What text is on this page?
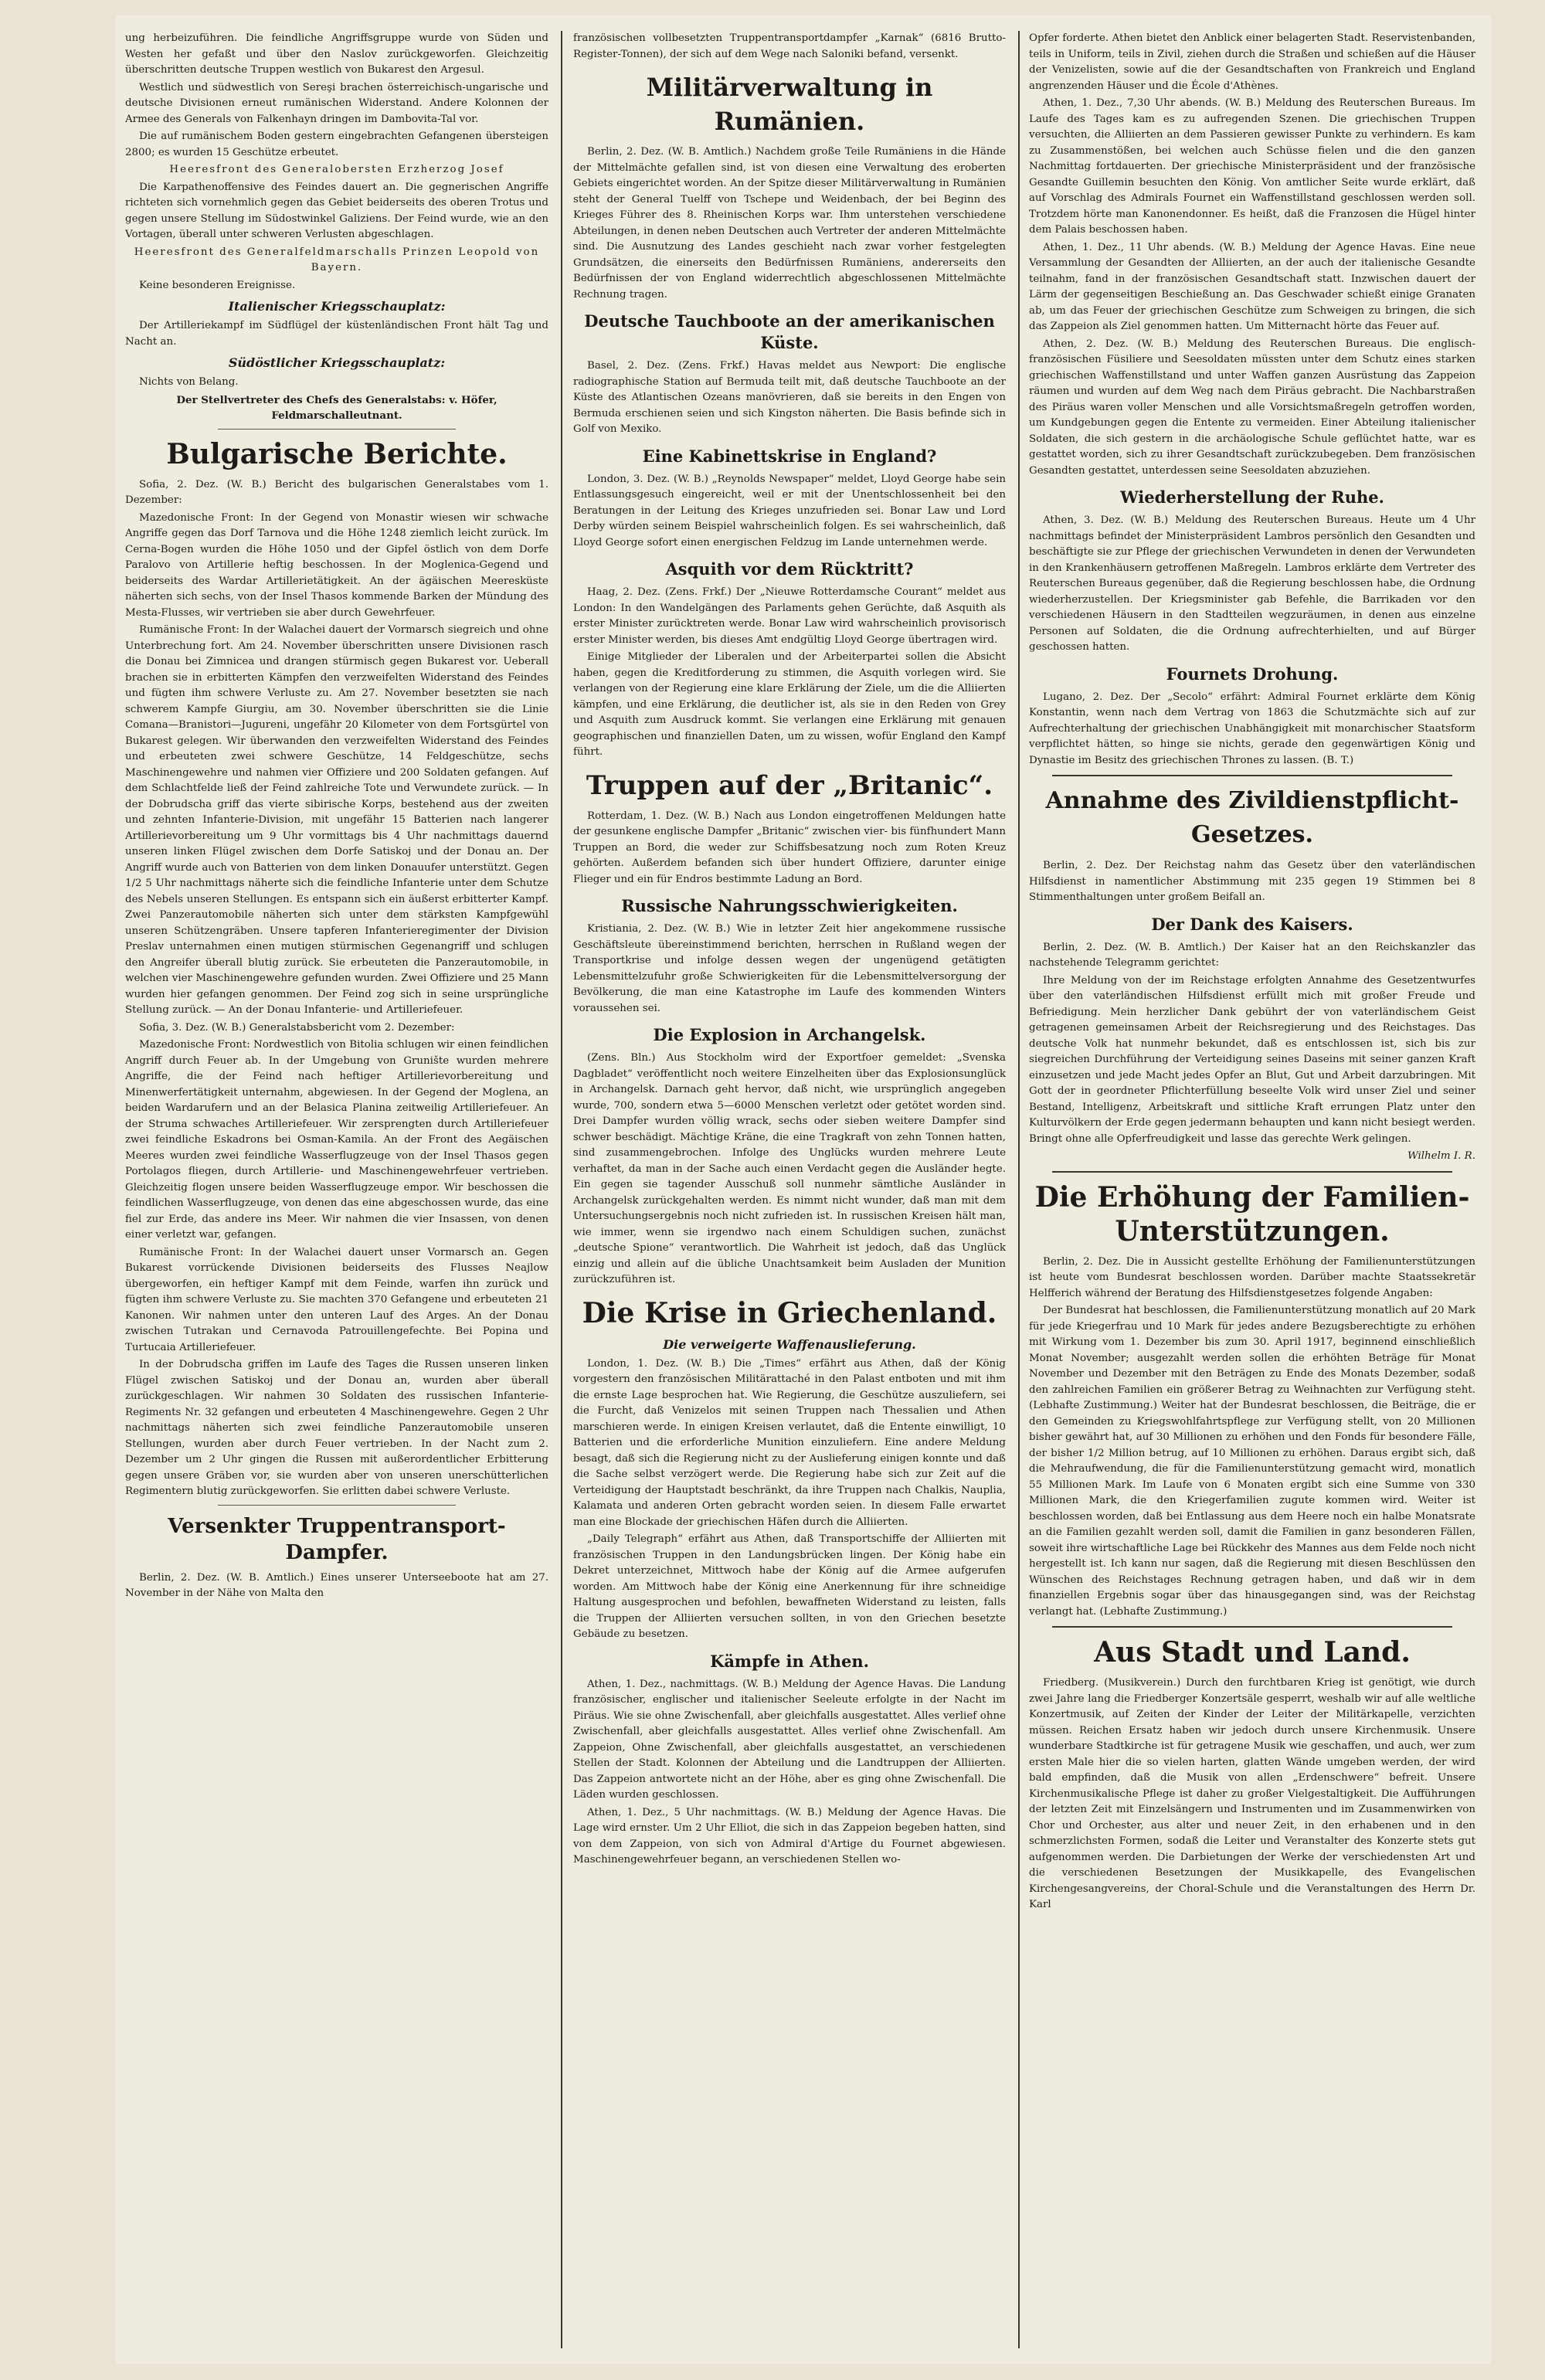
ung herbeizuführen. Die feindliche Angriffsgruppe wurde von Süden und Westen her gefaßt und über den Naslov zurückgeworfen. Gleichzeitig überschritten deutsche Truppen westlich von Bukarest den Argesul.

Westlich und südwestlich von Sereşi brachen österreichisch-ungarische und deutsche Divisionen erneut rumänischen Widerstand. Andere Kolonnen der Armee des Generals von Falkenhayn dringen im Dambovita-Tal vor.

Die auf rumänischem Boden gestern eingebrachten Gefangenen übersteigen 2800; es wurden 15 Geschütze erbeutet.

Heeresfront des Generalobersten Erzherzog Josef

Die Karpathenoffensive des Feindes dauert an. Die gegnerischen Angriffe richteten sich vornehmlich gegen das Gebiet beiderseits des oberen Trotus und gegen unsere Stellung im Südostwinkel Galiziens. Der Feind wurde, wie an den Vortagen, überall unter schweren Verlusten abgeschlagen.

Heeresfront des Generalfeldmarschalls Prinzen Leopold von Bayern.

Keine besonderen Ereignisse.

Italienischer Kriegsschauplatz:

Der Artilleriekampf im Südflügel der küstenländischen Front hält Tag und Nacht an.

Südöstlicher Kriegsschauplatz:

Nichts von Belang.

Der Stellvertreter des Chefs des Generalstabs: v. Höfer, Feldmarschalleutnant.

Bulgarische Berichte.

Sofia, 2. Dez. (W. B.) Bericht des bulgarischen Generalstabes vom 1. Dezember:

Mazedonische Front: In der Gegend von Monastir wiesen wir schwache Angriffe gegen das Dorf Tarnova und die Höhe 1248 ziemlich leicht zurück. Im Cerna-Bogen wurden die Höhe 1050 und der Gipfel östlich von dem Dorfe Paralovo von Artillerie heftig beschossen. In der Moglenica-Gegend und beiderseits des Wardar Artillerietätigkeit. An der ägäischen Meeresküste näherten sich sechs, von der Insel Thasos kommende Barken der Mündung des Mesta-Flusses, wir vertrieben sie aber durch Gewehrfeuer.

Rumänische Front: In der Walachei dauert der Vormarsch siegreich und ohne Unterbrechung fort. Am 24. November überschritten unsere Divisionen rasch die Donau bei Zimnicea und drangen stürmisch gegen Bukarest vor. Ueberall brachen sie in erbitterten Kämpfen den verzweifelten Widerstand des Feindes und fügten ihm schwere Verluste zu. Am 27. November besetzten sie nach schwerem Kampfe Giurgiu, am 30. November überschritten sie die Linie Comana—Branistori—Jugureni, ungefähr 20 Kilometer von dem Fortsgürtel von Bukarest gelegen. Wir überwanden den verzweifelten Widerstand des Feindes und erbeuteten zwei schwere Geschütze, 14 Feldgeschütze, sechs Maschinengewehre und nahmen vier Offiziere und 200 Soldaten gefangen. Auf dem Schlachtfelde ließ der Feind zahlreiche Tote und Verwundete zurück. — In der Dobrudscha griff das vierte sibirische Korps, bestehend aus der zweiten und zehnten Infanterie-Division, mit ungefähr 15 Batterien nach langerer Artillerievorbereitung um 9 Uhr vormittags bis 4 Uhr nachmittags dauernd unseren linken Flügel zwischen dem Dorfe Satiskoj und der Donau an. Der Angriff wurde auch von Batterien von dem linken Donauufer unterstützt. Gegen 1/2 5 Uhr nachmittags näherte sich die feindliche Infanterie unter dem Schutze des Nebels unseren Stellungen. Es entspann sich ein äußerst erbitterter Kampf. Zwei Panzerautomobile näherten sich unter dem stärksten Kampfgewühl unseren Schützengräben. Unsere tapferen Infanterieregimenter der Division Preslav unternahmen einen mutigen stürmischen Gegenangriff und schlugen den Angreifer überall blutig zurück. Sie erbeuteten die Panzerautomobile, in welchen vier Maschinengewehre gefunden wurden. Zwei Offiziere und 25 Mann wurden hier gefangen genommen. Der Feind zog sich in seine ursprüngliche Stellung zurück. — An der Donau Infanterie- und Artilleriefeuer.

Sofia, 3. Dez. (W. B.) Generalstabsbericht vom 2. Dezember:

Mazedonische Front: Nordwestlich von Bitolia schlugen wir einen feindlichen Angriff durch Feuer ab. In der Umgebung von Grunište wurden mehrere Angriffe, die der Feind nach heftiger Artillerievorbereitung und Minenwerfertätigkeit unternahm, abgewiesen. In der Gegend der Moglena, an beiden Wardarufern und an der Belasica Planina zeitweilig Artilleriefeuer. An der Struma schwaches Artilleriefeuer. Wir zersprengten durch Artilleriefeuer zwei feindliche Eskadrons bei Osman-Kamila. An der Front des Aegäischen Meeres wurden zwei feindliche Wasserflugzeuge von der Insel Thasos gegen Portolagos fliegen, durch Artillerie- und Maschinengewehrfeuer vertrieben. Gleichzeitig flogen unsere beiden Wasserflugzeuge empor. Wir beschossen die feindlichen Wasserflugzeuge, von denen das eine abgeschossen wurde, das eine fiel zur Erde, das andere ins Meer. Wir nahmen die vier Insassen, von denen einer verletzt war, gefangen.

Rumänische Front: In der Walachei dauert unser Vormarsch an. Gegen Bukarest vorrückende Divisionen beiderseits des Flusses Neajlow übergeworfen, ein heftiger Kampf mit dem Feinde, warfen ihn zurück und fügten ihm schwere Verluste zu. Sie machten 370 Gefangene und erbeuteten 21 Kanonen. Wir nahmen unter den unteren Lauf des Arges. An der Donau zwischen Tutrakan und Cernavoda Patrouillengefechte. Bei Popina und Turtucaia Artilleriefeuer.

In der Dobrudscha griffen im Laufe des Tages die Russen unseren linken Flügel zwischen Satiskoj und der Donau an, wurden aber überall zurückgeschlagen. Wir nahmen 30 Soldaten des russischen Infanterie-Regiments Nr. 32 gefangen und erbeuteten 4 Maschinengewehre. Gegen 2 Uhr nachmittags näherten sich zwei feindliche Panzerautomobile unseren Stellungen, wurden aber durch Feuer vertrieben. In der Nacht zum 2. Dezember um 2 Uhr gingen die Russen mit außerordentlicher Erbitterung gegen unsere Gräben vor, sie wurden aber von unseren unerschütterlichen Regimentern blutig zurückgeworfen. Sie erlitten dabei schwere Verluste.

Versenkter Truppentransport-Dampfer.

Berlin, 2. Dez. (W. B. Amtlich.) Eines unserer Unterseeboote hat am 27. November in der Nähe von Malta den

französischen vollbesetzten Truppentransportdampfer „Karnak“ (6816 Brutto-Register-Tonnen), der sich auf dem Wege nach Saloniki befand, versenkt.

Militärverwaltung in Rumänien.

Berlin, 2. Dez. (W. B. Amtlich.) Nachdem große Teile Rumäniens in die Hände der Mittelmächte gefallen sind, ist von diesen eine Verwaltung des eroberten Gebiets eingerichtet worden. An der Spitze dieser Militärverwaltung in Rumänien steht der General Tuelff von Tschepe und Weidenbach, der bei Beginn des Krieges Führer des 8. Rheinischen Korps war. Ihm unterstehen verschiedene Abteilungen, in denen neben Deutschen auch Vertreter der anderen Mittelmächte sind. Die Ausnutzung des Landes geschieht nach zwar vorher festgelegten Grundsätzen, die einerseits den Bedürfnissen Rumäniens, andererseits den Bedürfnissen der von England widerrechtlich abgeschlossenen Mittelmächte Rechnung tragen.

Deutsche Tauchboote an der amerikanischen Küste.

Basel, 2. Dez. (Zens. Frkf.) Havas meldet aus Newport: Die englische radiographische Station auf Bermuda teilt mit, daß deutsche Tauchboote an der Küste des Atlantischen Ozeans manövrieren, daß sie bereits in den Engen von Bermuda erschienen seien und sich Kingston näherten. Die Basis befinde sich in Golf von Mexiko.

Eine Kabinettskrise in England?

London, 3. Dez. (W. B.) „Reynolds Newspaper“ meldet, Lloyd George habe sein Entlassungsgesuch eingereicht, weil er mit der Unentschlossenheit bei den Beratungen in der Leitung des Krieges unzufrieden sei. Bonar Law und Lord Derby würden seinem Beispiel wahrscheinlich folgen. Es sei wahrscheinlich, daß Lloyd George sofort einen energischen Feldzug im Lande unternehmen werde.

Asquith vor dem Rücktritt?

Haag, 2. Dez. (Zens. Frkf.) Der „Nieuwe Rotterdamsche Courant“ meldet aus London: In den Wandelgängen des Parlaments gehen Gerüchte, daß Asquith als erster Minister zurücktreten werde. Bonar Law wird wahrscheinlich provisorisch erster Minister werden, bis dieses Amt endgültig Lloyd George übertragen wird.

Einige Mitglieder der Liberalen und der Arbeiterpartei sollen die Absicht haben, gegen die Kreditforderung zu stimmen, die Asquith vorlegen wird. Sie verlangen von der Regierung eine klare Erklärung der Ziele, um die die Alliierten kämpfen, und eine Erklärung, die deutlicher ist, als sie in den Reden von Grey und Asquith zum Ausdruck kommt. Sie verlangen eine Erklärung mit genauen geographischen und finanziellen Daten, um zu wissen, wofür England den Kampf führt.

Truppen auf der „Britanic“.

Rotterdam, 1. Dez. (W. B.) Nach aus London eingetroffenen Meldungen hatte der gesunkene englische Dampfer „Britanic“ zwischen vier- bis fünfhundert Mann Truppen an Bord, die weder zur Schiffsbesatzung noch zum Roten Kreuz gehörten. Außerdem befanden sich über hundert Offiziere, darunter einige Flieger und ein für Endros bestimmte Ladung an Bord.

Russische Nahrungsschwierigkeiten.

Kristiania, 2. Dez. (W. B.) Wie in letzter Zeit hier angekommene russische Geschäftsleute übereinstimmend berichten, herrschen in Rußland wegen der Transportkrise und infolge dessen wegen der ungenügend getätigten Lebensmittelzufuhr große Schwierigkeiten für die Lebensmittelversorgung der Bevölkerung, die man eine Katastrophe im Laufe des kommenden Winters voraussehen sei.

Die Explosion in Archangelsk.

(Zens. Bln.) Aus Stockholm wird der Exportfoer gemeldet: „Svenska Dagbladet“ veröffentlicht noch weitere Einzelheiten über das Explosionsunglück in Archangelsk. Darnach geht hervor, daß nicht, wie ursprünglich angegeben wurde, 700, sondern etwa 5—6000 Menschen verletzt oder getötet worden sind. Drei Dampfer wurden völlig wrack, sechs oder sieben weitere Dampfer sind schwer beschädigt. Mächtige Kräne, die eine Tragkraft von zehn Tonnen hatten, sind zusammengebrochen. Infolge des Unglücks wurden mehrere Leute verhaftet, da man in der Sache auch einen Verdacht gegen die Ausländer hegte. Ein gegen sie tagender Ausschuß soll nunmehr sämtliche Ausländer in Archangelsk zurückgehalten werden. Es nimmt nicht wunder, daß man mit dem Untersuchungsergebnis noch nicht zufrieden ist. In russischen Kreisen hält man, wie immer, wenn sie irgendwo nach einem Schuldigen suchen, zunächst „deutsche Spione“ verantwortlich. Die Wahrheit ist jedoch, daß das Unglück einzig und allein auf die übliche Unachtsamkeit beim Ausladen der Munition zurückzuführen ist.

Die Krise in Griechenland.
Die verweigerte Waffenauslieferung.

London, 1. Dez. (W. B.) Die „Times“ erfährt aus Athen, daß der König vorgestern den französischen Militärattaché in den Palast entboten und mit ihm die ernste Lage besprochen hat. Wie Regierung, die Geschütze auszuliefern, sei die Furcht, daß Venizelos mit seinen Truppen nach Thessalien und Athen marschieren werde. In einigen Kreisen verlautet, daß die Entente einwilligt, 10 Batterien und die erforderliche Munition einzuliefern. Eine andere Meldung besagt, daß sich die Regierung nicht zu der Auslieferung einigen konnte und daß die Sache selbst verzögert werde. Die Regierung habe sich zur Zeit auf die Verteidigung der Hauptstadt beschränkt, da ihre Truppen nach Chalkis, Nauplia, Kalamata und anderen Orten gebracht worden seien. In diesem Falle erwartet man eine Blockade der griechischen Häfen durch die Alliierten.

„Daily Telegraph“ erfährt aus Athen, daß Transportschiffe der Alliierten mit französischen Truppen in den Landungsbrücken lingen. Der König habe ein Dekret unterzeichnet, Mittwoch habe der König auf die Armee aufgerufen worden. Am Mittwoch habe der König eine Anerkennung für ihre schneidige Haltung ausgesprochen und befohlen, bewaffneten Widerstand zu leisten, falls die Truppen der Alliierten versuchen sollten, in von den Griechen besetzte Gebäude zu besetzen.

Kämpfe in Athen.

Athen, 1. Dez., nachmittags. (W. B.) Meldung der Agence Havas. Die Landung französischer, englischer und italienischer Seeleute erfolgte in der Nacht im Piräus. Wie sie ohne Zwischenfall, aber gleichfalls ausgestattet. Alles verlief ohne Zwischenfall, aber gleichfalls ausgestattet. Alles verlief ohne Zwischenfall. Am Zappeion, Ohne Zwischenfall, aber gleichfalls ausgestattet, an verschiedenen Stellen der Stadt. Kolonnen der Abteilung und die Landtruppen der Alliierten. Das Zappeion antwortete nicht an der Höhe, aber es ging ohne Zwischenfall. Die Läden wurden geschlossen.

Athen, 1. Dez., 5 Uhr nachmittags. (W. B.) Meldung der Agence Havas. Die Lage wird ernster. Um 2 Uhr Elliot, die sich in das Zappeion begeben hatten, sind von dem Zappeion, von sich von Admiral d'Artige du Fournet abgewiesen. Maschinengewehrfeuer begann, an verschiedenen Stellen wo-

Opfer forderte. Athen bietet den Anblick einer belagerten Stadt. Reservistenbanden, teils in Uniform, teils in Zivil, ziehen durch die Straßen und schießen auf die Häuser der Venizelisten, sowie auf die der Gesandtschaften von Frankreich und England angrenzenden Häuser und die École d'Athènes.

Athen, 1. Dez., 7,30 Uhr abends. (W. B.) Meldung des Reuterschen Bureaus. Im Laufe des Tages kam es zu aufregenden Szenen. Die griechischen Truppen versuchten, die Alliierten an dem Passieren gewisser Punkte zu verhindern. Es kam zu Zusammenstößen, bei welchen auch Schüsse fielen und die den ganzen Nachmittag fortdauerten. Der griechische Ministerpräsident und der französische Gesandte Guillemin besuchten den König. Von amtlicher Seite wurde erklärt, daß auf Vorschlag des Admirals Fournet ein Waffenstillstand geschlossen werden soll. Trotzdem hörte man Kanonendonner. Es heißt, daß die Franzosen die Hügel hinter dem Palais beschossen haben.

Athen, 1. Dez., 11 Uhr abends. (W. B.) Meldung der Agence Havas. Eine neue Versammlung der Gesandten der Alliierten, an der auch der italienische Gesandte teilnahm, fand in der französischen Gesandtschaft statt. Inzwischen dauert der Lärm der gegenseitigen Beschießung an. Das Geschwader schießt einige Granaten ab, um das Feuer der griechischen Geschütze zum Schweigen zu bringen, die sich das Zappeion als Ziel genommen hatten. Um Mitternacht hörte das Feuer auf.

Athen, 2. Dez. (W. B.) Meldung des Reuterschen Bureaus. Die englisch-französischen Füsiliere und Seesoldaten müssten unter dem Schutz eines starken griechischen Waffenstillstand und unter Waffen ganzen Ausrüstung das Zappeion räumen und wurden auf dem Weg nach dem Piräus gebracht. Die Nachbarstraßen des Piräus waren voller Menschen und alle Vorsichtsmaßregeln getroffen worden, um Kundgebungen gegen die Entente zu vermeiden. Einer Abteilung italienischer Soldaten, die sich gestern in die archäologische Schule geflüchtet hatte, war es gestattet worden, sich zu ihrer Gesandtschaft zurückzubegeben. Dem französischen Gesandten gestattet, unterdessen seine Seesoldaten abzuziehen.

Wiederherstellung der Ruhe.

Athen, 3. Dez. (W. B.) Meldung des Reuterschen Bureaus. Heute um 4 Uhr nachmittags befindet der Ministerpräsident Lambros persönlich den Gesandten und beschäftigte sie zur Pflege der griechischen Verwundeten in denen der Verwundeten in den Krankenhäusern getroffenen Maßregeln. Lambros erklärte dem Vertreter des Reuterschen Bureaus gegenüber, daß die Regierung beschlossen habe, die Ordnung wiederherzustellen. Der Kriegsminister gab Befehle, die Barrikaden vor den verschiedenen Häusern in den Stadtteilen wegzuräumen, in denen aus einzelne Personen auf Soldaten, die die Ordnung aufrechterhielten, und auf Bürger geschossen hatten.

Fournets Drohung.

Lugano, 2. Dez. Der „Secolo“ erfährt: Admiral Fournet erklärte dem König Konstantin, wenn nach dem Vertrag von 1863 die Schutzmächte sich auf zur Aufrechterhaltung der griechischen Unabhängigkeit mit monarchischer Staatsform verpflichtet hätten, so hinge sie nichts, gerade den gegenwärtigen König und Dynastie im Besitz des griechischen Thrones zu lassen. (B. T.)

Annahme des Zivildienstpflicht-Gesetzes.

Berlin, 2. Dez. Der Reichstag nahm das Gesetz über den vaterländischen Hilfsdienst in namentlicher Abstimmung mit 235 gegen 19 Stimmen bei 8 Stimmenthaltungen unter großem Beifall an.

Der Dank des Kaisers.

Berlin, 2. Dez. (W. B. Amtlich.) Der Kaiser hat an den Reichskanzler das nachstehende Telegramm gerichtet:

Ihre Meldung von der im Reichstage erfolgten Annahme des Gesetzentwurfes über den vaterländischen Hilfsdienst erfüllt mich mit großer Freude und Befriedigung. Mein herzlicher Dank gebührt der von vaterländischem Geist getragenen gemeinsamen Arbeit der Reichsregierung und des Reichstages. Das deutsche Volk hat nunmehr bekundet, daß es entschlossen ist, sich bis zur siegreichen Durchführung der Verteidigung seines Daseins mit seiner ganzen Kraft einzusetzen und jede Macht jedes Opfer an Blut, Gut und Arbeit darzubringen. Mit Gott der in geordneter Pflichterfüllung beseelte Volk wird unser Ziel und seiner Bestand, Intelligenz, Arbeitskraft und sittliche Kraft errungen Platz unter den Kulturvölkern der Erde gegen jedermann behaupten und kann nicht besiegt werden. Bringt ohne alle Opferfreudigkeit und lasse das gerechte Werk gelingen.

Wilhelm I. R.

Die Erhöhung der Familien-Unterstützungen.

Berlin, 2. Dez. Die in Aussicht gestellte Erhöhung der Familienunterstützungen ist heute vom Bundesrat beschlossen worden. Darüber machte Staatssekretär Helfferich während der Beratung des Hilfsdienstgesetzes folgende Angaben:

Der Bundesrat hat beschlossen, die Familienunterstützung monatlich auf 20 Mark für jede Kriegerfrau und 10 Mark für jedes andere Bezugsberechtigte zu erhöhen mit Wirkung vom 1. Dezember bis zum 30. April 1917, beginnend einschließlich Monat November; ausgezahlt werden sollen die erhöhten Beträge für Monat November und Dezember mit den Beträgen zu Ende des Monats Dezember, sodaß den zahlreichen Familien ein größerer Betrag zu Weihnachten zur Verfügung steht. (Lebhafte Zustimmung.) Weiter hat der Bundesrat beschlossen, die Beiträge, die er den Gemeinden zu Kriegswohlfahrtspflege zur Verfügung stellt, von 20 Millionen bisher gewährt hat, auf 30 Millionen zu erhöhen und den Fonds für besondere Fälle, der bisher 1/2 Million betrug, auf 10 Millionen zu erhöhen. Daraus ergibt sich, daß die Mehraufwendung, die für die Familienunterstützung gemacht wird, monatlich 55 Millionen Mark. Im Laufe von 6 Monaten ergibt sich eine Summe von 330 Millionen Mark, die den Kriegerfamilien zugute kommen wird. Weiter ist beschlossen worden, daß bei Entlassung aus dem Heere noch ein halbe Monatsrate an die Familien gezahlt werden soll, damit die Familien in ganz besonderen Fällen, soweit ihre wirtschaftliche Lage bei Rückkehr des Mannes aus dem Felde noch nicht hergestellt ist. Ich kann nur sagen, daß die Regierung mit diesen Beschlüssen den Wünschen des Reichstages Rechnung getragen haben, und daß wir in dem finanziellen Ergebnis sogar über das hinausgegangen sind, was der Reichstag verlangt hat. (Lebhafte Zustimmung.)

Aus Stadt und Land.

Friedberg. (Musikverein.) Durch den furchtbaren Krieg ist genötigt, wie durch zwei Jahre lang die Friedberger Konzertsäle gesperrt, weshalb wir auf alle weltliche Konzertmusik, auf Zeiten der Kinder der Leiter der Militärkapelle, verzichten müssen. Reichen Ersatz haben wir jedoch durch unsere Kirchenmusik. Unsere wunderbare Stadtkirche ist für getragene Musik wie geschaffen, und auch, wer zum ersten Male hier die so vielen harten, glatten Wände umgeben werden, der wird bald empfinden, daß die Musik von allen „Erdenschwere“ befreit. Unsere Kirchenmusikalische Pflege ist daher zu großer Vielgestaltigkeit. Die Aufführungen der letzten Zeit mit Einzelsängern und Instrumenten und im Zusammenwirken von Chor und Orchester, aus alter und neuer Zeit, in den erhabenen und in den schmerzlichsten Formen, sodaß die Leiter und Veranstalter des Konzerte stets gut aufgenommen werden. Die Darbietungen der Werke der verschiedensten Art und die verschiedenen Besetzungen der Musikkapelle, des Evangelischen Kirchengesangvereins, der Choral-Schule und die Veranstaltungen des Herrn Dr. Karl
